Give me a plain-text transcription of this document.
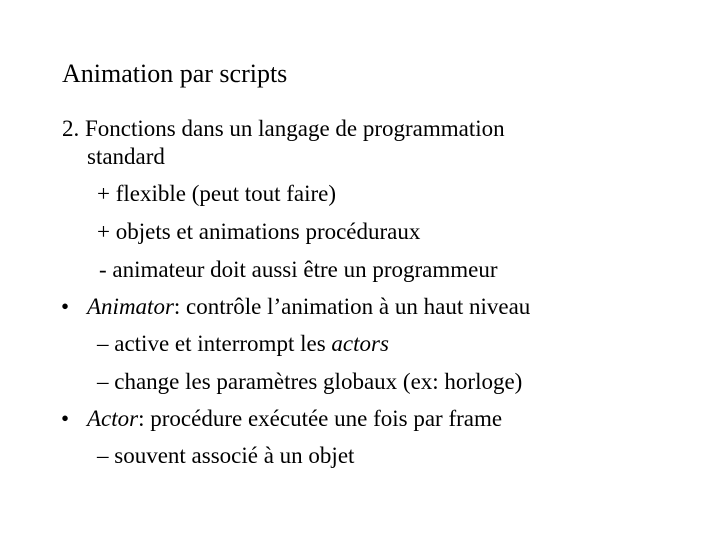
Animation par scripts
2. Fonctions dans un langage de programmation
standard
+ flexible (peut tout faire)
+ objets et animations procéduraux
- animateur doit aussi être un programmeur
• Animator: contrôle l’animation à un haut niveau
– active et interrompt les actors
– change les paramètres globaux (ex: horloge)
• Actor: procédure exécutée une fois par frame
– souvent associé à un objet
